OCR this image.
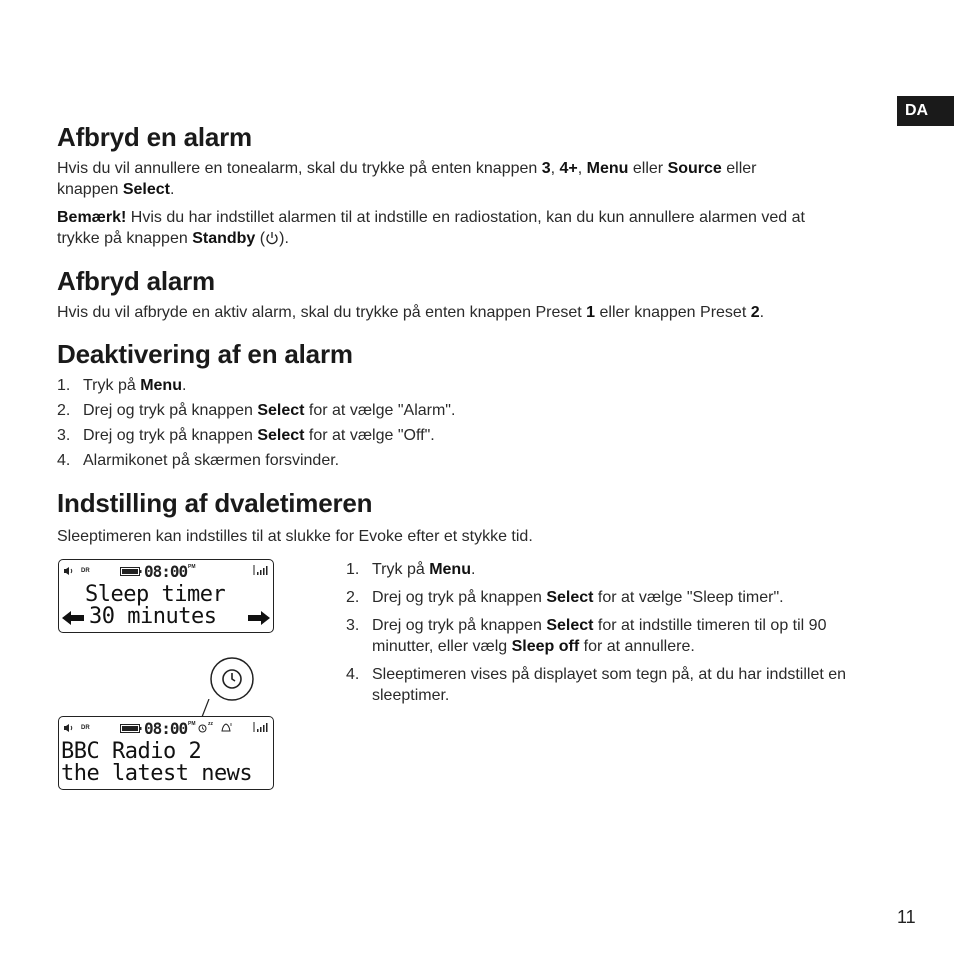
DA
Afbryd en alarm
Hvis du vil annullere en tonealarm, skal du trykke på enten knappen 3, 4+, Menu eller Source eller
knappen Select.
Bemærk! Hvis du har indstillet alarmen til at indstille en radiostation, kan du kun annullere alarmen ved at
trykke på knappen Standby ( ).
Afbryd alarm
Hvis du vil afbryde en aktiv alarm, skal du trykke på enten knappen Preset 1 eller knappen Preset 2.
Deaktivering af en alarm
1. Tryk på Menu.
2. Drej og tryk på knappen Select for at vælge "Alarm".
3. Drej og tryk på knappen Select for at vælge "Off".
4. Alarmikonet på skærmen forsvinder.
Indstilling af dvaletimeren
Sleeptimeren kan indstilles til at slukke for Evoke efter et stykke tid.
1. Tryk på Menu.
2. Drej og tryk på knappen Select for at vælge "Sleep timer".
3. Drej og tryk på knappen Select for at indstille timeren til op til 90
minutter, eller vælg Sleep off for at annullere.
4. Sleeptimeren vises på displayet som tegn på, at du har indstillet en
sleeptimer.
DR	08:00 PM
Sleep timer
30 minutes
DR	08:00 PM	zz
BBC Radio 2
the latest news
11
